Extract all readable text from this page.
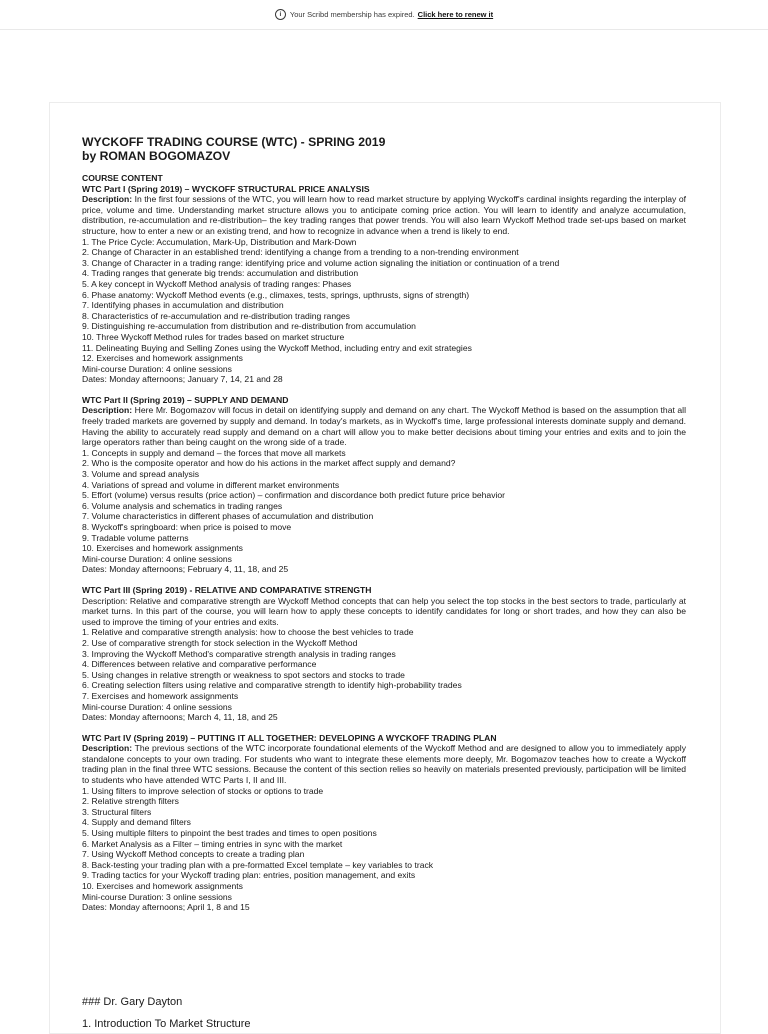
i	Your Scribd membership has expired. Click here to renew it

WYCKOFF TRADING COURSE (WTC) - SPRING 2019

by ROMAN BOGOMAZOV

COURSE CONTENT

WTC Part I (Spring 2019) – WYCKOFF STRUCTURAL PRICE ANALYSIS

Description: In the first four sessions of the WTC, you will learn how to read market structure by applying Wyckoff's cardinal insights regarding the interplay of price, volume and time. Understanding market structure allows you to anticipate coming price action. You will learn to identify and analyze accumulation, distribution, re-accumulation and re-distribution– the key trading ranges that power trends. You will also learn Wyckoff Method trade set-ups based on market structure, how to enter a new or an existing trend, and how to recognize in advance when a trend is likely to end.

1. The Price Cycle: Accumulation, Mark-Up, Distribution and Mark-Down
2. Change of Character in an established trend: identifying a change from a trending to a non-trending environment
3. Change of Character in a trading range: identifying price and volume action signaling the initiation or continuation of a trend
4. Trading ranges that generate big trends: accumulation and distribution
5. A key concept in Wyckoff Method analysis of trading ranges: Phases
6. Phase anatomy: Wyckoff Method events (e.g., climaxes, tests, springs, upthrusts, signs of strength)
7. Identifying phases in accumulation and distribution
8. Characteristics of re-accumulation and re-distribution trading ranges
9. Distinguishing re-accumulation from distribution and re-distribution from accumulation
10. Three Wyckoff Method rules for trades based on market structure
11. Delineating Buying and Selling Zones using the Wyckoff Method, including entry and exit strategies
12. Exercises and homework assignments

Mini-course Duration: 4 online sessions

Dates: Monday afternoons; January 7, 14, 21 and 28

WTC Part II (Spring 2019) – SUPPLY AND DEMAND

Description: Here Mr. Bogomazov will focus in detail on identifying supply and demand on any chart. The Wyckoff Method is based on the assumption that all freely traded markets are governed by supply and demand. In today's markets, as in Wyckoff's time, large professional interests dominate supply and demand. Having the ability to accurately read supply and demand on a chart will allow you to make better decisions about timing your entries and exits and to join the large operators rather than being caught on the wrong side of a trade.

1. Concepts in supply and demand – the forces that move all markets
2. Who is the composite operator and how do his actions in the market affect supply and demand?
3. Volume and spread analysis
4. Variations of spread and volume in different market environments
5. Effort (volume) versus results (price action) – confirmation and discordance both predict future price behavior
6. Volume analysis and schematics in trading ranges
7. Volume characteristics in different phases of accumulation and distribution
8. Wyckoff's springboard: when price is poised to move
9. Tradable volume patterns
10. Exercises and homework assignments

Mini-course Duration: 4 online sessions

Dates: Monday afternoons; February 4, 11, 18, and 25

WTC Part III (Spring 2019) - RELATIVE AND COMPARATIVE STRENGTH

Description: Relative and comparative strength are Wyckoff Method concepts that can help you select the top stocks in the best sectors to trade, particularly at market turns. In this part of the course, you will learn how to apply these concepts to identify candidates for long or short trades, and how they can also be used to improve the timing of your entries and exits.

1. Relative and comparative strength analysis: how to choose the best vehicles to trade
2. Use of comparative strength for stock selection in the Wyckoff Method
3. Improving the Wyckoff Method's comparative strength analysis in trading ranges
4. Differences between relative and comparative performance
5. Using changes in relative strength or weakness to spot sectors and stocks to trade
6. Creating selection filters using relative and comparative strength to identify high-probability trades
7. Exercises and homework assignments

Mini-course Duration: 4 online sessions

Dates: Monday afternoons; March 4, 11, 18, and 25

WTC Part IV (Spring 2019) – PUTTING IT ALL TOGETHER: DEVELOPING A WYCKOFF TRADING PLAN

Description: The previous sections of the WTC incorporate foundational elements of the Wyckoff Method and are designed to allow you to immediately apply standalone concepts to your own trading. For students who want to integrate these elements more deeply, Mr. Bogomazov teaches how to create a Wyckoff trading plan in the final three WTC sessions. Because the content of this section relies so heavily on materials presented previously, participation will be limited to students who have attended WTC Parts I, II and III.

1. Using filters to improve selection of stocks or options to trade
2. Relative strength filters
3. Structural filters
4. Supply and demand filters
5. Using multiple filters to pinpoint the best trades and times to open positions
6. Market Analysis as a Filter – timing entries in sync with the market
7. Using Wyckoff Method concepts to create a trading plan
8. Back-testing your trading plan with a pre-formatted Excel template – key variables to track
9. Trading tactics for your Wyckoff trading plan: entries, position management, and exits
10. Exercises and homework assignments

Mini-course Duration: 3 online sessions

Dates: Monday afternoons; April 1, 8 and 15

### Dr. Gary Dayton
1. Introduction To Market Structure
